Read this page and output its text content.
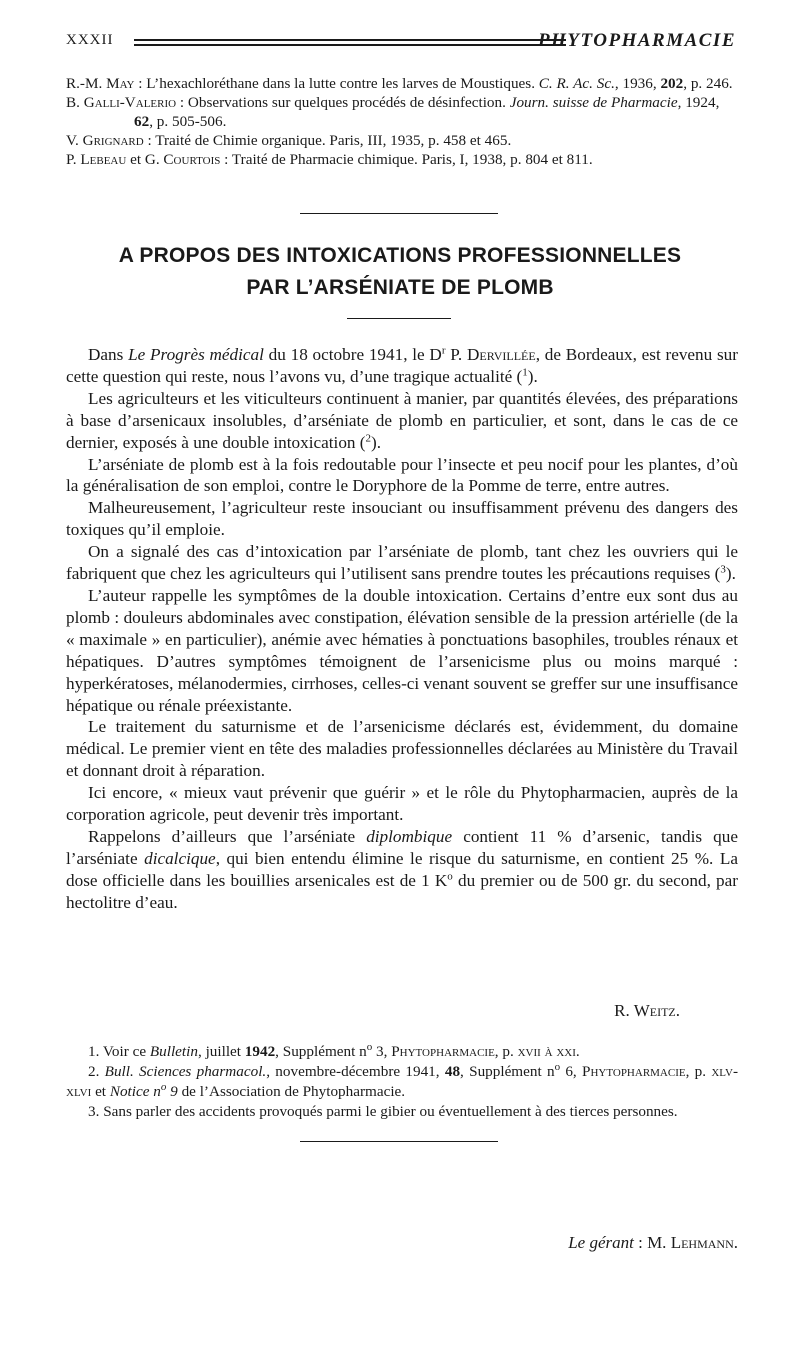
XXXII	PHYTOPHARMACIE
R.-M. May : L’hexachloréthane dans la lutte contre les larves de Moustiques. C. R. Ac. Sc., 1936, 202, p. 246.
B. Galli-Valerio : Observations sur quelques procédés de désinfection. Journ. suisse de Pharmacie, 1924, 62, p. 505-506.
V. Grignard : Traité de Chimie organique. Paris, III, 1935, p. 458 et 465.
P. Lebeau et G. Courtois : Traité de Pharmacie chimique. Paris, I, 1938, p. 804 et 811.
A PROPOS DES INTOXICATIONS PROFESSIONNELLES
PAR L’ARSÉNIATE DE PLOMB

Dans Le Progrès médical du 18 octobre 1941, le $D^r$ P. Dervillée, de Bordeaux, est revenu sur cette question qui reste, nous l’avons vu, d’une tragique actualité ($^1$).

Les agriculteurs et les viticulteurs continuent à manier, par quantités élevées, des préparations à base d’arsenicaux insolubles, d’arséniate de plomb en particulier, et sont, dans le cas de ce dernier, exposés à une double intoxication ($^2$).

L’arséniate de plomb est à la fois redoutable pour l’insecte et peu nocif pour les plantes, d’où la généralisation de son emploi, contre le Doryphore de la Pomme de terre, entre autres.

Malheureusement, l’agriculteur reste insouciant ou insuffisamment prévenu des dangers des toxiques qu’il emploie.

On a signalé des cas d’intoxication par l’arséniate de plomb, tant chez les ouvriers qui le fabriquent que chez les agriculteurs qui l’utilisent sans prendre toutes les précautions requises ($^3$).

L’auteur rappelle les symptômes de la double intoxication. Certains d’entre eux sont dus au plomb : douleurs abdominales avec constipation, élévation sensible de la pression artérielle (de la « maximale » en particulier), anémie avec hématies à ponctuations basophiles, troubles rénaux et hépatiques. D’autres symptômes témoignent de l’arsenicisme plus ou moins marqué : hyperkératoses, mélanodermies, cirrhoses, celles-ci venant souvent se greffer sur une insuffisance hépatique ou rénale préexistante.

Le traitement du saturnisme et de l’arsenicisme déclarés est, évidemment, du domaine médical. Le premier vient en tête des maladies professionnelles déclarées au Ministère du Travail et donnant droit à réparation.

Ici encore, « mieux vaut prévenir que guérir » et le rôle du Phytopharmacien, auprès de la corporation agricole, peut devenir très important.

Rappelons d’ailleurs que l’arséniate diplombique contient 11 % d’arsenic, tandis que l’arséniate dicalcique, qui bien entendu élimine le risque du saturnisme, en contient 25 %. La dose officielle dans les bouillies arsenicales est de 1 $K^o$ du premier ou de 500 gr. du second, par hectolitre d’eau.

R. Weitz.

1. Voir ce Bulletin, juillet 1942, Supplément $n^o$ 3, Phytopharmacie, p. xvii à xxi.

2. Bull. Sciences pharmacol., novembre-décembre 1941, 48, Supplément $n^o$ 6, Phytopharmacie, p. xlv-xlvi et Notice $n^o$ 9 de l’Association de Phytopharmacie.

3. Sans parler des accidents provoqués parmi le gibier ou éventuellement à des tierces personnes.

Le gérant : M. Lehmann.
